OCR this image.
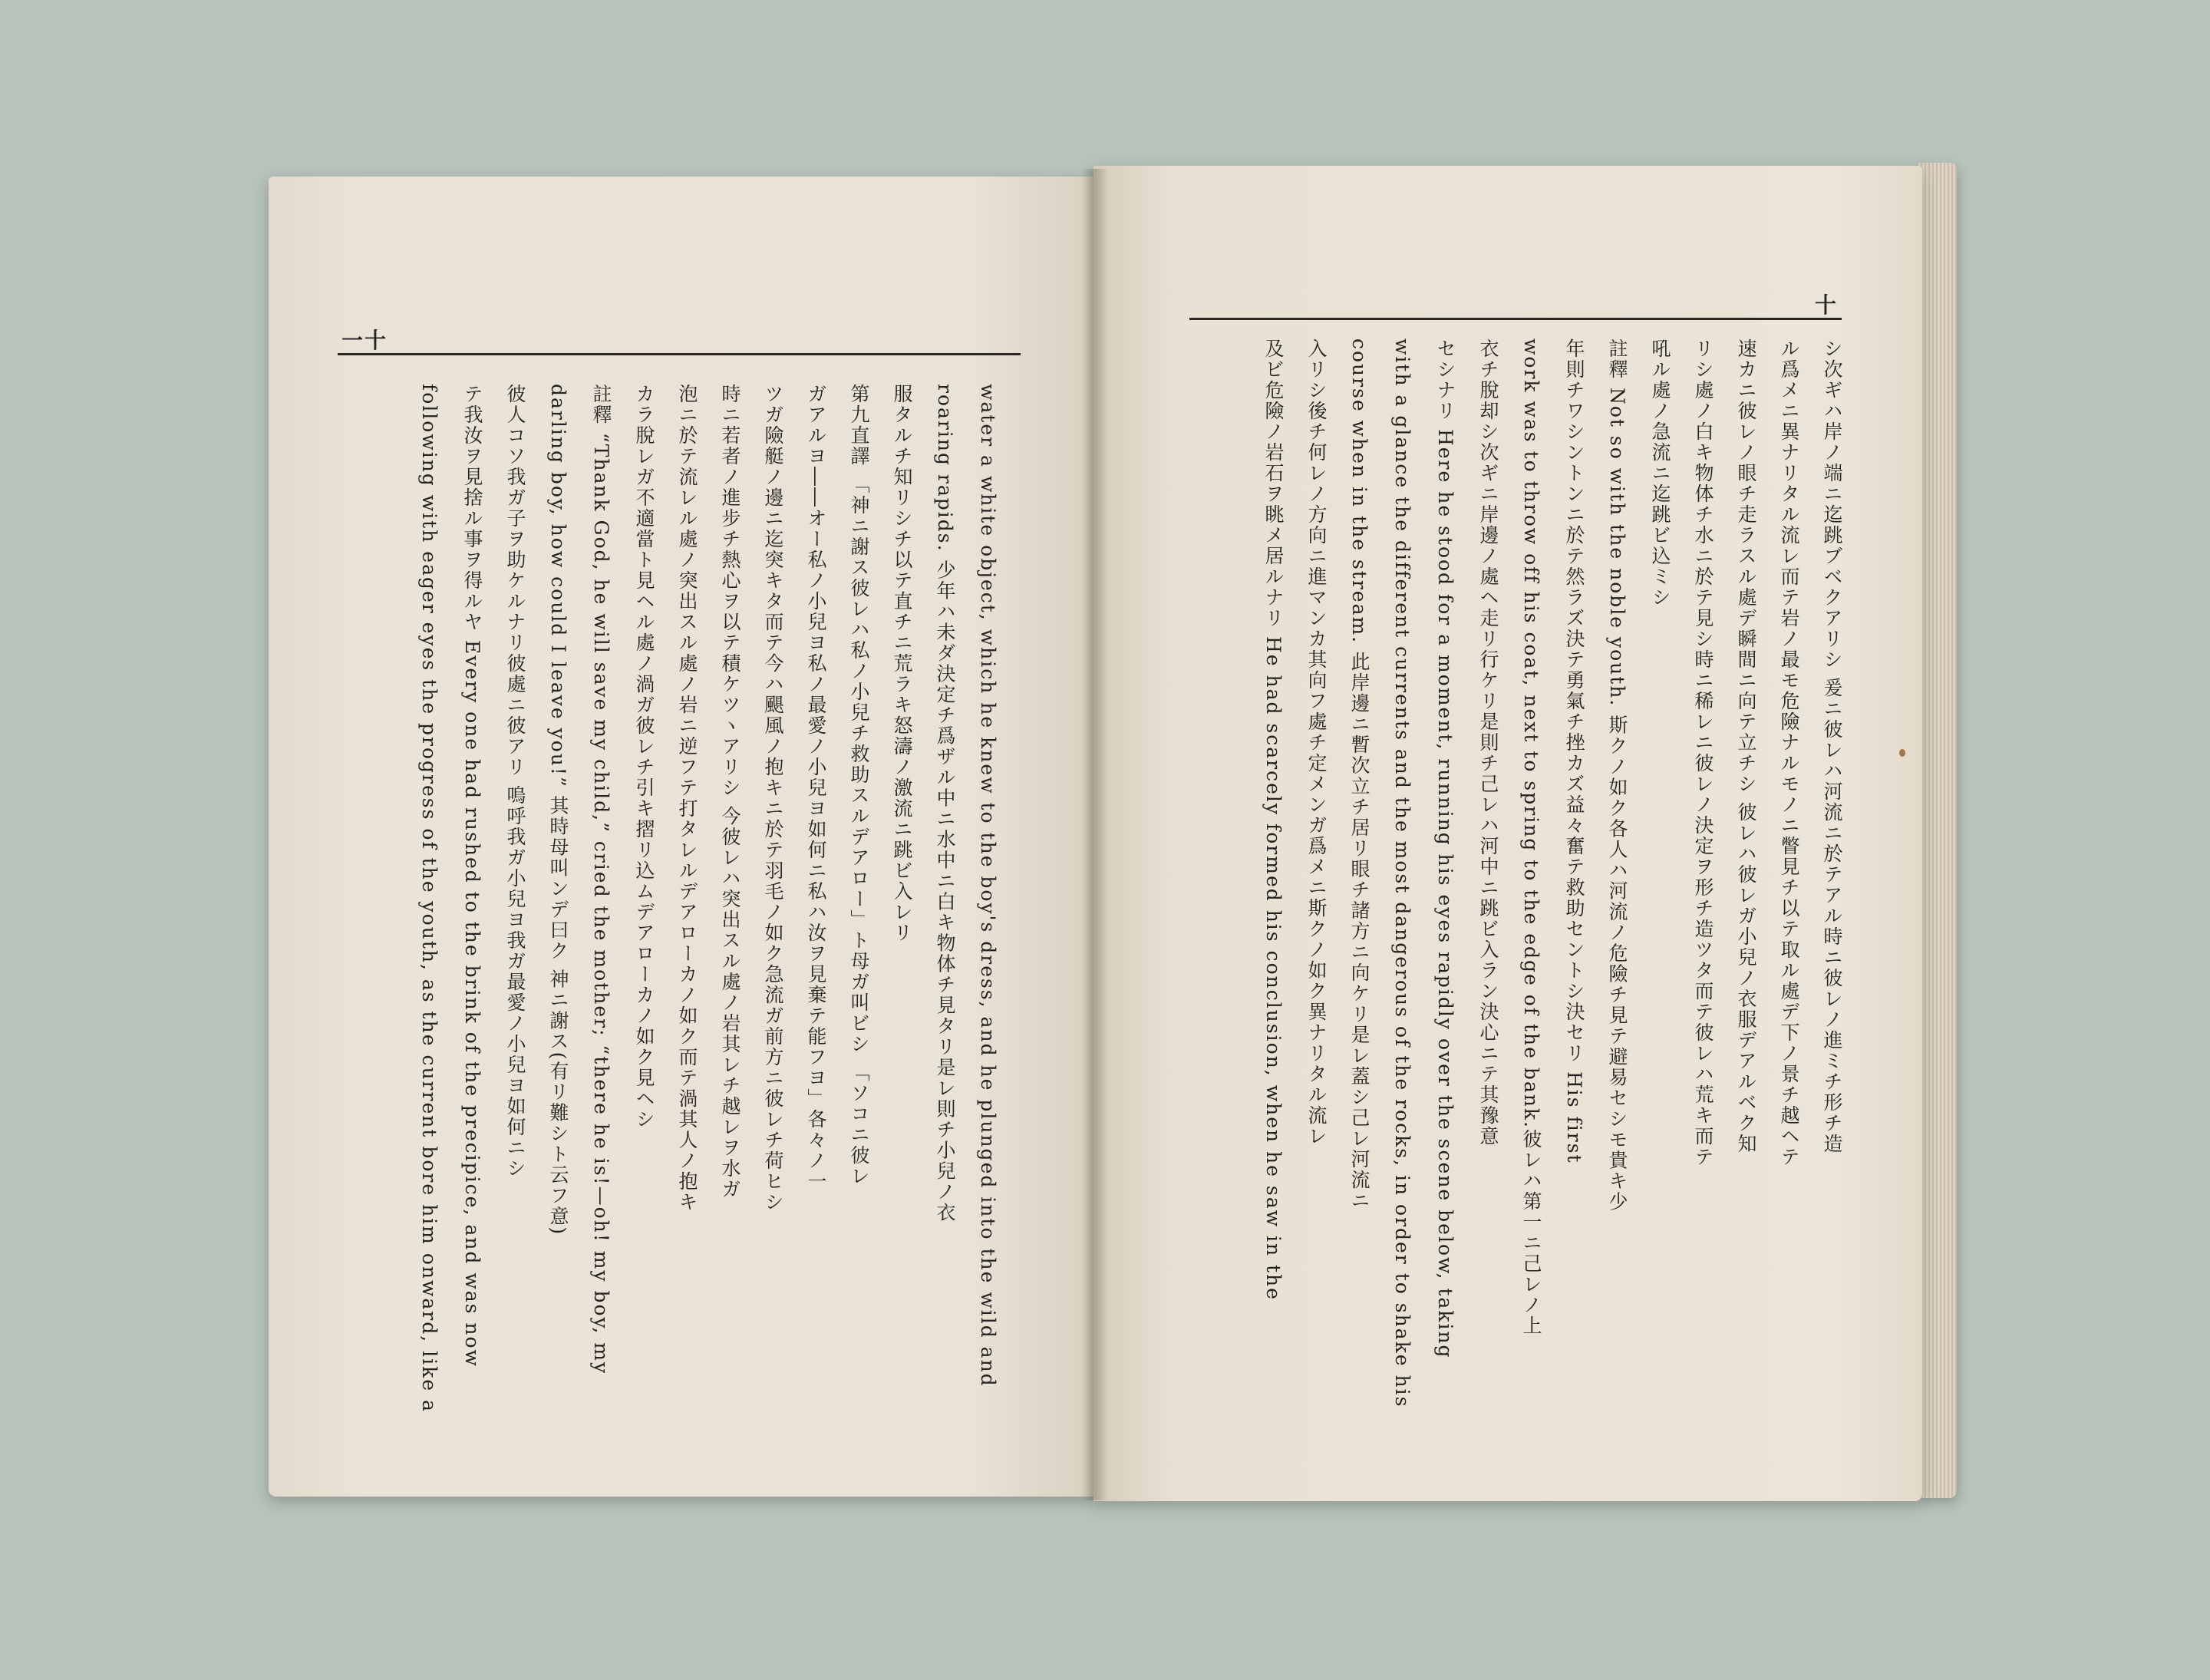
一十

water a white object, which he knew to the boy's dress, and he plunged into the wild and

roaring rapids. 少年ハ未ダ決定チ爲ザル中ニ水中ニ白キ物体チ見タリ是レ則チ小兒ノ衣

服タルチ知リシチ以テ直チニ荒ラキ怒濤ノ激流ニ跳ビ入レリ

第九直譯 「神ニ謝ス彼レハ私ノ小兒チ救助スルデアロー」ト母ガ叫ビシ 「ソコニ彼レ

ガアルヨ――オー私ノ小兒ヨ私ノ最愛ノ小兒ヨ如何ニ私ハ汝ヲ見棄テ能フヨ」各々ノ一

ツガ險艇ノ邊ニ迄突キタ而テ今ハ颶風ノ抱キニ於テ羽毛ノ如ク急流ガ前方ニ彼レチ荷ヒシ

時ニ若者ノ進步チ熱心ヲ以テ積ケツヽアリシ 今彼レハ突出スル處ノ岩其レチ越レヲ水ガ

泡ニ於テ流レル處ノ突出スル處ノ岩ニ逆フテ打タレルデアローカノ如ク而テ渦其人ノ抱キ

カラ脫レガ不適當ト見ヘル處ノ渦ガ彼レチ引キ摺リ込ムデアローカノ如ク見ヘシ

註釋 “Thank God, he will save my child,” cried the mother; “there he is!—oh! my boy, my

darling boy, how could I leave you!” 其時母叫ンデ曰ク 神ニ謝ス(有リ難シト云フ意)

彼人コソ我ガ子ヲ助ケルナリ彼處ニ彼アリ 嗚呼我ガ小兒ヨ我ガ最愛ノ小兒ヨ如何ニシ

テ我汝ヲ見捨ル事ヲ得ルヤ Every one had rushed to the brink of the precipice, and was now

following with eager eyes the progress of the youth, as the current bore him onward, like a

十

シ次ギハ岸ノ端ニ迄跳ブベクアリシ 爰ニ彼レハ河流ニ於テアル時ニ彼レノ進ミチ形チ造

ル爲メニ異ナリタル流レ而テ岩ノ最モ危險ナルモノニ瞥見チ以テ取ル處デ下ノ景チ越ヘテ

速カニ彼レノ眼チ走ラスル處デ瞬間ニ向テ立チシ 彼レハ彼レガ小兒ノ衣服デアルベク知

リシ處ノ白キ物体チ水ニ於テ見シ時ニ稀レニ彼レノ決定ヲ形チ造ツタ而テ彼レハ荒キ而テ

吼ル處ノ急流ニ迄跳ビ込ミシ

註釋 Not so with the noble youth. 斯クノ如ク各人ハ河流ノ危險チ見テ避易セシモ貴キ少

年則チワシントンニ於テ然ラズ決テ勇氣チ挫カズ益々奮テ救助セントシ決セリ His first

work was to throw off his coat, next to spring to the edge of the bank.彼レハ第一ニ己レノ上

衣チ脫却シ次ギニ岸邊ノ處ヘ走リ行ケリ是則チ己レハ河中ニ跳ビ入ラン決心ニテ其豫意

セシナリ Here he stood for a moment, running his eyes rapidly over the scene below, taking

with a glance the different currents and the most dangerous of the rocks, in order to shake his

course when in the stream. 此岸邊ニ暫次立チ居リ眼チ諸方ニ向ケリ是レ蓋シ己レ河流ニ

入リシ後チ何レノ方向ニ進マンカ其向フ處チ定メンガ爲メニ斯クノ如ク異ナリタル流レ

及ビ危險ノ岩石ヲ眺メ居ルナリ He had scarcely formed his conclusion, when he saw in the
